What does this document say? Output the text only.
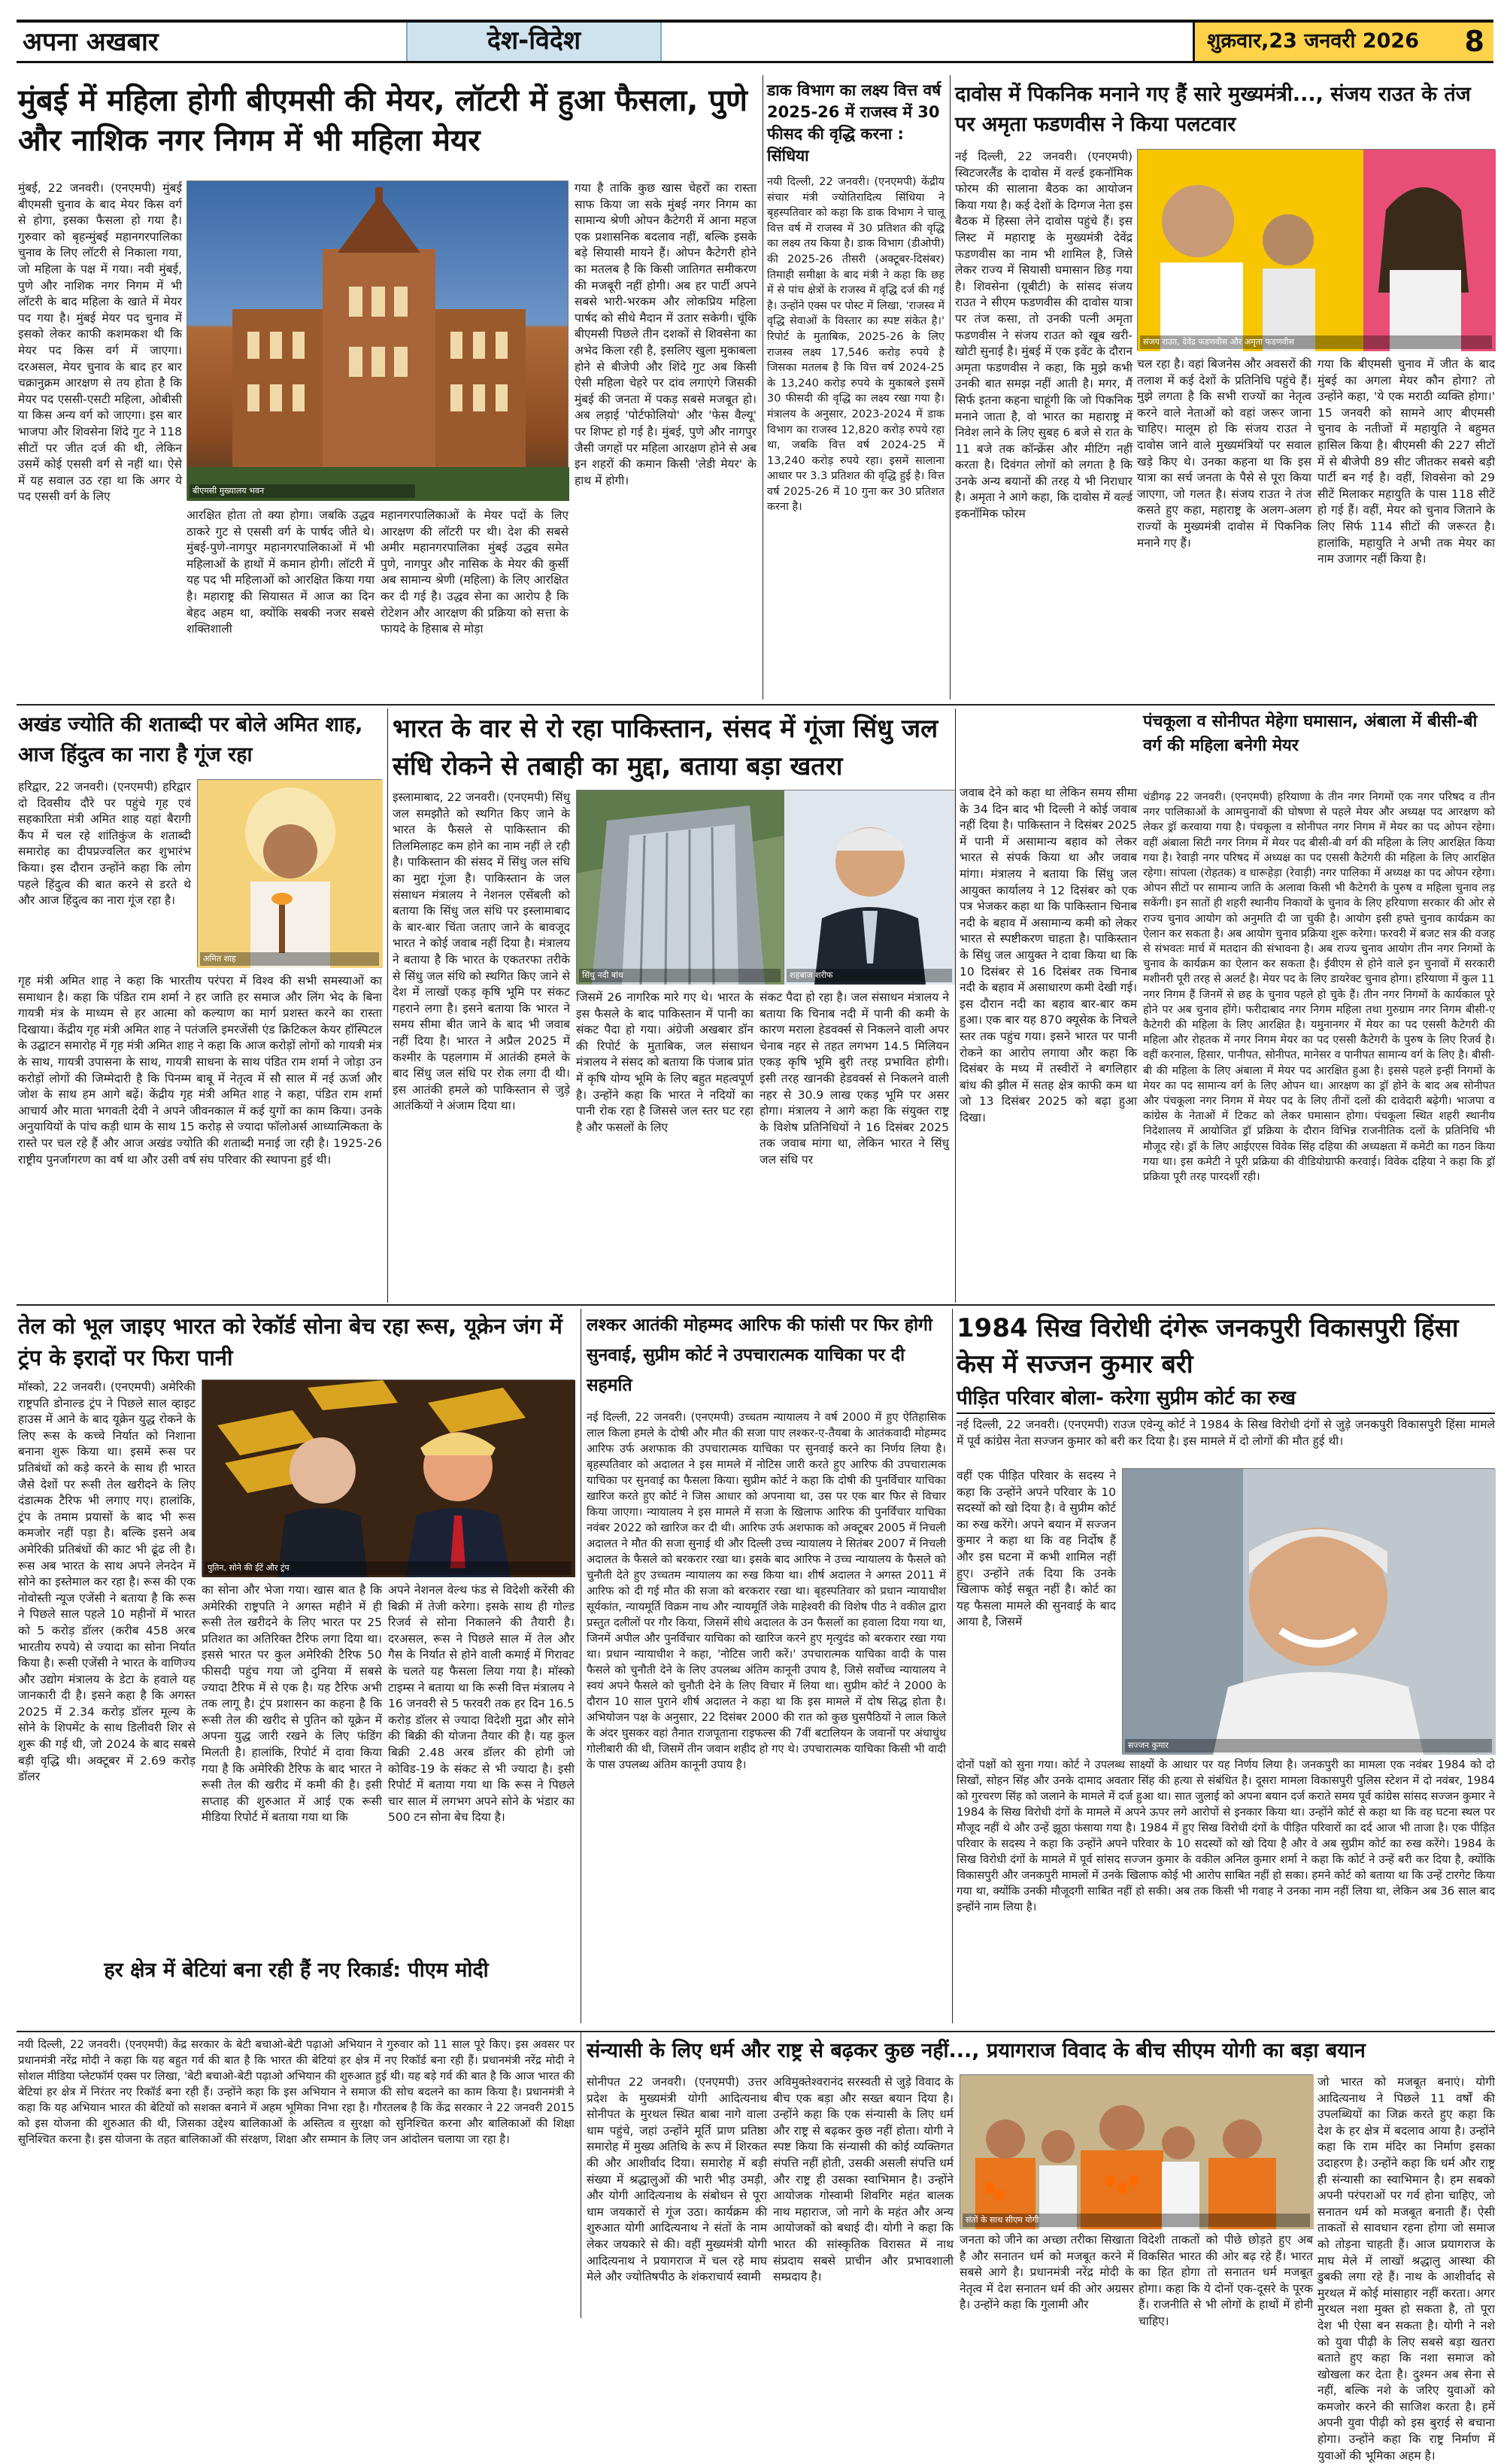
अपना अखबार	देश-विदेश	शुक्रवार,23 जनवरी 2026 8
मुंबई में महिला होगी बीएमसी की मेयर, लॉटरी में हुआ फैसला, पुणे और नाशिक नगर निगम में भी महिला मेयर
मुंबई, 22 जनवरी। (एनएमपी) मुंबई बीएमसी चुनाव के बाद मेयर किस वर्ग से होगा, इसका फैसला हो गया है। गुरुवार को बृहन्मुंबई महानगरपालिका चुनाव के लिए लॉटरी से निकाला गया, जो महिला के पक्ष में गया। नवी मुंबई, पुणे और नाशिक नगर निगम में भी लॉटरी के बाद महिला के खाते में मेयर पद गया है। मुंबई मेयर पद चुनाव में इसको लेकर काफी कशमकश थी कि मेयर पद किस वर्ग में जाएगा। दरअसल, मेयर चुनाव के बाद हर बार चक्रानुक्रम आरक्षण से तय होता है कि मेयर पद एससी-एसटी महिला, ओबीसी या किस अन्य वर्ग को जाएगा। इस बार भाजपा और शिवसेना शिंदे गुट ने 118 सीटों पर जीत दर्ज की थी, लेकिन उसमें कोई एससी वर्ग से नहीं था। ऐसे में यह सवाल उठ रहा था कि अगर ये पद एससी वर्ग के लिए
आरक्षित होता तो क्या होगा। जबकि उद्धव ठाकरे गुट से एससी वर्ग के पार्षद जीते थे। मुंबई-पुणे-नागपुर महानगरपालिकाओं में भी महिलाओं के हाथों में कमान होगी। लॉटरी में यह पद भी महिलाओं को आरक्षित किया गया है। महाराष्ट्र की सियासत में आज का दिन बेहद अहम था, क्योंकि सबकी नजर सबसे शक्तिशाली
महानगरपालिकाओं के मेयर पदों के लिए आरक्षण की लॉटरी पर थी। देश की सबसे अमीर महानगरपालिका मुंबई उद्धव समेत पुणे, नागपुर और नासिक के मेयर की कुर्सी अब सामान्य श्रेणी (महिला) के लिए आरक्षित कर दी गई है। उद्धव सेना का आरोप है कि रोटेशन और आरक्षण की प्रक्रिया को सत्ता के फायदे के हिसाब से मोड़ा
गया है ताकि कुछ खास चेहरों का रास्ता साफ किया जा सके मुंबई नगर निगम का सामान्य श्रेणी ओपन कैटेगरी में आना महज एक प्रशासनिक बदलाव नहीं, बल्कि इसके बड़े सियासी मायने हैं। ओपन कैटेगरी होने का मतलब है कि किसी जातिगत समीकरण की मजबूरी नहीं होगी। अब हर पार्टी अपने सबसे भारी-भरकम और लोकप्रिय महिला पार्षद को सीधे मैदान में उतार सकेगी। चूंकि बीएमसी पिछले तीन दशकों से शिवसेना का अभेद किला रही है, इसलिए खुला मुकाबला होने से बीजेपी और शिंदे गुट अब किसी ऐसी महिला चेहरे पर दांव लगाएंगे जिसकी मुंबई की जनता में पकड़ सबसे मजबूत हो। अब लड़ाई 'पोर्टफोलियो' और 'फेस वैल्यू' पर शिफ्ट हो गई है। मुंबई, पुणे और नागपुर जैसी जगहों पर महिला आरक्षण होने से अब इन शहरों की कमान किसी 'लेडी मेयर' के हाथ में होगी।
डाक विभाग का लक्ष्य वित्त वर्ष 2025-26 में राजस्व में 30 फीसद की वृद्धि करना : सिंधिया
नयी दिल्ली, 22 जनवरी। (एनएमपी) केंद्रीय संचार मंत्री ज्योतिरादित्य सिंधिया ने बृहस्पतिवार को कहा कि डाक विभाग ने चालू वित्त वर्ष में राजस्व में 30 प्रतिशत की वृद्धि का लक्ष्य तय किया है। डाक विभाग (डीओपी) की 2025-26 तीसरी (अक्टूबर-दिसंबर) तिमाही समीक्षा के बाद मंत्री ने कहा कि छह में से पांच क्षेत्रों के राजस्व में वृद्धि दर्ज की गई है। उन्होंने एक्स पर पोस्ट में लिखा, 'राजस्व में वृद्धि सेवाओं के विस्तार का स्पष्ट संकेत है।' रिपोर्ट के मुताबिक, 2025-26 के लिए राजस्व लक्ष्य 17,546 करोड़ रुपये है जिसका मतलब है कि वित्त वर्ष 2024-25 के 13,240 करोड़ रुपये के मुकाबले इसमें 30 फीसदी की वृद्धि का लक्ष्य रखा गया है। मंत्रालय के अनुसार, 2023-2024 में डाक विभाग का राजस्व 12,820 करोड़ रुपये रहा था, जबकि वित्त वर्ष 2024-25 में 13,240 करोड़ रुपये रहा। इसमें सालाना आधार पर 3.3 प्रतिशत की वृद्धि हुई है। वित्त वर्ष 2025-26 में 10 गुना कर 30 प्रतिशत करना है।
दावोस में पिकनिक मनाने गए हैं सारे मुख्यमंत्री..., संजय राउत के तंज पर अमृता फडणवीस ने किया पलटवार
नई दिल्ली, 22 जनवरी। (एनएमपी) स्विटजरलैंड के दावोस में वर्ल्ड इकनॉमिक फोरम की सालाना बैठक का आयोजन किया गया है। कई देशों के दिग्गज नेता इस बैठक में हिस्सा लेने दावोस पहुंचे हैं। इस लिस्ट में महाराष्ट्र के मुख्यमंत्री देवेंद्र फडणवीस का नाम भी शामिल है, जिसे लेकर राज्य में सियासी घमासान छिड़ गया है। शिवसेना (यूबीटी) के सांसद संजय राउत ने सीएम फडणवीस की दावोस यात्रा पर तंज कसा, तो उनकी पत्नी अमृता फडणवीस ने संजय राउत को खूब खरी-खोटी सुनाई है। मुंबई में एक इवेंट के दौरान अमृता फडणवीस ने कहा, कि मुझे कभी उनकी बात समझ नहीं आती है। मगर, मैं सिर्फ इतना कहना चाहूंगी कि जो पिकनिक मनाने जाता है, वो भारत का महाराष्ट्र में निवेश लाने के लिए सुबह 6 बजे से रात के 11 बजे तक कॉन्क्रेंस और मीटिंग नहीं करता है। दिवंगत लोगों को लगता है कि उनके अन्य बयानों की तरह ये भी निराधार है। अमृता ने आगे कहा, कि दावोस में वर्ल्ड इकनॉमिक फोरम
चल रहा है। वहां बिजनेस और अवसरों की तलाश में कई देशों के प्रतिनिधि पहुंचे हैं। मुझे लगता है कि सभी राज्यों का नेतृत्व करने वाले नेताओं को वहां जरूर जाना चाहिए। मालूम हो कि संजय राउत ने दावोस जाने वाले मुख्यमंत्रियों पर सवाल खड़े किए थे। उनका कहना था कि इस यात्रा का सर्च जनता के पैसे से पूरा किया जाएगा, जो गलत है। संजय राउत ने तंज कसते हुए कहा, महाराष्ट्र के अलग-अलग राज्यों के मुख्यमंत्री दावोस में पिकनिक मनाने गए हैं।
गया कि बीएमसी चुनाव में जीत के बाद मुंबई का अगला मेयर कौन होगा? तो उन्होंने कहा, 'ये एक मराठी व्यक्ति होगा।' 15 जनवरी को सामने आए बीएमसी चुनाव के नतीजों में महायुति ने बहुमत हासिल किया है। बीएमसी की 227 सीटों में से बीजेपी 89 सीट जीतकर सबसे बड़ी पार्टी बन गई है। वहीं, शिवसेना को 29 सीटें मिलाकर महायुति के पास 118 सीटें हो गई हैं। वहीं, मेयर को चुनाव जिताने के लिए सिर्फ 114 सीटों की जरूरत है। हालांकि, महायुति ने अभी तक मेयर का नाम उजागर नहीं किया है।
अखंड ज्योति की शताब्दी पर बोले अमित शाह, आज हिंदुत्व का नारा है गूंज रहा
हरिद्वार, 22 जनवरी। (एनएमपी) हरिद्वार दो दिवसीय दौरे पर पहुंचे गृह एवं सहकारिता मंत्री अमित शाह यहां बैरागी कैंप में चल रहे शांतिकुंज के शताब्दी समारोह का दीपप्रज्वलित कर शुभारंभ किया। इस दौरान उन्होंने कहा कि लोग पहले हिंदुत्व की बात करने से डरते थे और आज हिंदुत्व का नारा गूंज रहा है।
गृह मंत्री अमित शाह ने कहा कि भारतीय परंपरा में विश्व की सभी समस्याओं का समाधान है। कहा कि पंडित राम शर्मा ने हर जाति हर समाज और लिंग भेद के बिना गायत्री मंत्र के माध्यम से हर आत्मा को कल्याण का मार्ग प्रशस्त करने का रास्ता दिखाया। केंद्रीय गृह मंत्री अमित शाह ने पतंजलि इमरजेंसी एंड क्रिटिकल केयर हॉस्पिटल के उद्घाटन समारोह में गृह मंत्री अमित शाह ने कहा कि आज करोड़ों लोगों को गायत्री मंत्र के साथ, गायत्री उपासना के साथ, गायत्री साधना के साथ पंडित राम शर्मा ने जोड़ा उन करोड़ों लोगों की जिम्मेदारी है कि पिनम्म बाबू में नेतृत्व में सौ साल में नई ऊर्जा और जोश के साथ हम आगे बढ़ें। केंद्रीय गृह मंत्री अमित शाह ने कहा, पंडित राम शर्मा आचार्य और माता भगवती देवी ने अपने जीवनकाल में कई युगों का काम किया। उनके अनुयायियों के पांच कड़ी धाम के साथ 15 करोड़ से ज्यादा फॉलोअर्स आध्यात्मिकता के रास्ते पर चल रहे हैं और आज अखंड ज्योति की शताब्दी मनाई जा रही है। 1925-26 राष्ट्रीय पुनर्जागरण का वर्ष था और उसी वर्ष संघ परिवार की स्थापना हुई थी।
भारत के वार से रो रहा पाकिस्तान, संसद में गूंजा सिंधु जल संधि रोकने से तबाही का मुद्दा, बताया बड़ा खतरा
इस्लामाबाद, 22 जनवरी। (एनएमपी) सिंधु जल समझौते को स्थगित किए जाने के भारत के फैसले से पाकिस्तान की तिलमिलाहट कम होने का नाम नहीं ले रही है। पाकिस्तान की संसद में सिंधु जल संधि का मुद्दा गूंजा है। पाकिस्तान के जल संसाधन मंत्रालय ने नेशनल एसेंबली को बताया कि सिंधु जल संधि पर इस्लामाबाद के बार-बार चिंता जताए जाने के बावजूद भारत ने कोई जवाब नहीं दिया है। मंत्रालय ने बताया है कि भारत के एकतरफा तरीके से सिंधु जल संधि को स्थगित किए जाने से देश में लाखों एकड़ कृषि भूमि पर संकट गहराने लगा है। इसने बताया कि भारत ने समय सीमा बीत जाने के बाद भी जवाब नहीं दिया है। भारत ने अप्रैल 2025 में कश्मीर के पहलगाम में आतंकी हमले के बाद सिंधु जल संधि पर रोक लगा दी थी। इस आतंकी हमले को पाकिस्तान से जुड़े आतंकियों ने अंजाम दिया था।
जिसमें 26 नागरिक मारे गए थे। भारत के इस फैसले के बाद पाकिस्तान में पानी का संकट पैदा हो गया। अंग्रेजी अखबार डॉन की रिपोर्ट के मुताबिक, जल संसाधन मंत्रालय ने संसद को बताया कि पंजाब प्रांत में कृषि योग्य भूमि के लिए बहुत महत्वपूर्ण है। उन्होंने कहा कि भारत ने नदियों का पानी रोक रहा है जिससे जल स्तर घट रहा है और फसलों के लिए
संकट पैदा हो रहा है। जल संसाधन मंत्रालय ने बताया कि चिनाब नदी में पानी की कमी के कारण मराला हेडवर्क्स से निकलने वाली अपर चेनाब नहर से तहत लगभग 14.5 मिलियन एकड़ कृषि भूमि बुरी तरह प्रभावित होगी। इसी तरह खानकी हेडवर्क्स से निकलने वाली नहर से 30.9 लाख एकड़ भूमि पर असर होगा। मंत्रालय ने आगे कहा कि संयुक्त राष्ट्र के विशेष प्रतिनिधियों ने 16 दिसंबर 2025 तक जवाब मांगा था, लेकिन भारत ने सिंधु जल संधि पर
जवाब देने को कहा था लेकिन समय सीमा के 34 दिन बाद भी दिल्ली ने कोई जवाब नहीं दिया है। पाकिस्तान ने दिसंबर 2025 में पानी में असामान्य बहाव को लेकर भारत से संपर्क किया था और जवाब मांगा। मंत्रालय ने बताया कि सिंधु जल आयुक्त कार्यालय ने 12 दिसंबर को एक पत्र भेजकर कहा था कि पाकिस्तान चिनाब नदी के बहाव में असामान्य कमी को लेकर भारत से स्पष्टीकरण चाहता है। पाकिस्तान के सिंधु जल आयुक्त ने दावा किया था कि 10 दिसंबर से 16 दिसंबर तक चिनाब नदी के बहाव में असाधारण कमी देखी गई। इस दौरान नदी का बहाव बार-बार कम हुआ। एक बार यह 870 क्यूसेक के निचले स्तर तक पहुंच गया। इसने भारत पर पानी रोकने का आरोप लगाया और कहा कि दिसंबर के मध्य में तस्वीरों ने बगलिहार बांध की झील में सतह क्षेत्र काफी कम था जो 13 दिसंबर 2025 को बढ़ा हुआ दिखा।
पंचकूला व सोनीपत मेहेगा घमासान, अंबाला में बीसी-बी वर्ग की महिला बनेगी मेयर
चंडीगढ़ 22 जनवरी। (एनएमपी) हरियाणा के तीन नगर निगमों एक नगर परिषद व तीन नगर पालिकाओं के आमचुनावों की घोषणा से पहले मेयर और अध्यक्ष पद आरक्षण को लेकर ड्रॉ करवाया गया है। पंचकूला व सोनीपत नगर निगम में मेयर का पद ओपन रहेगा। वहीं अंबाला सिटी नगर निगम में मेयर पद बीसी-बी वर्ग की महिला के लिए आरक्षित किया गया है। रेवाड़ी नगर परिषद में अध्यक्ष का पद एससी कैटेगरी की महिला के लिए आरक्षित रहेगा। सांपला (रोहतक) व धारूहेड़ा (रेवाड़ी) नगर पालिका में अध्यक्ष का पद ओपन रहेगा। ओपन सीटों पर सामान्य जाति के अलावा किसी भी कैटेगरी के पुरुष व महिला चुनाव लड़ सकेंगी। इन सातों ही शहरी स्थानीय निकायों के चुनाव के लिए हरियाणा सरकार की ओर से राज्य चुनाव आयोग को अनुमति दी जा चुकी है। आयोग इसी हफ्ते चुनाव कार्यक्रम का ऐलान कर सकता है। अब आयोग चुनाव प्रक्रिया शुरू करेगा। फरवरी में बजट सत्र की वजह से संभवतः मार्च में मतदान की संभावना है। अब राज्य चुनाव आयोग तीन नगर निगमों के चुनाव के कार्यक्रम का ऐलान कर सकता है। ईवीएम से होने वाले इन चुनावों में सरकारी मशीनरी पूरी तरह से अलर्ट है। मेयर पद के लिए डायरेक्ट चुनाव होगा। हरियाणा में कुल 11 नगर निगम हैं जिनमें से छह के चुनाव पहले हो चुके हैं। तीन नगर निगमों के कार्यकाल पूरे होने पर अब चुनाव होंगे। फरीदाबाद नगर निगम महिला तथा गुरुग्राम नगर निगम बीसी-ए कैटेगरी की महिला के लिए आरक्षित है। यमुनानगर में मेयर का पद एससी कैटेगरी की महिला और रोहतक में नगर निगम मेयर का पद एससी कैटेगरी के पुरुष के लिए रिजर्व है। वहीं करनाल, हिसार, पानीपत, सोनीपत, मानेसर व पानीपत सामान्य वर्ग के लिए है। बीसी-बी की महिला के लिए अंबाला में मेयर पद आरक्षित हुआ है। इससे पहले इन्हीं निगमों के मेयर का पद सामान्य वर्ग के लिए ओपन था। आरक्षण का ड्रॉ होने के बाद अब सोनीपत और पंचकूला नगर निगम में मेयर पद के लिए तीनों दलों की दावेदारी बढ़ेगी। भाजपा व कांग्रेस के नेताओं में टिकट को लेकर घमासान होगा। पंचकूला स्थित शहरी स्थानीय निदेशालय में आयोजित ड्रॉ प्रक्रिया के दौरान विभिन्न राजनीतिक दलों के प्रतिनिधि भी मौजूद रहे। ड्रॉ के लिए आईएएस विवेक सिंह दहिया की अध्यक्षता में कमेटी का गठन किया गया था। इस कमेटी ने पूरी प्रक्रिया की वीडियोग्राफी करवाई। विवेक दहिया ने कहा कि ड्रॉ प्रक्रिया पूरी तरह पारदर्शी रही।
तेल को भूल जाइए भारत को रेकॉर्ड सोना बेच रहा रूस, यूक्रेन जंग में ट्रंप के इरादों पर फिरा पानी
मॉस्को, 22 जनवरी। (एनएमपी) अमेरिकी राष्ट्रपति डोनाल्ड ट्रंप ने पिछले साल व्हाइट हाउस में आने के बाद यूक्रेन युद्ध रोकने के लिए रूस के कच्चे निर्यात को निशाना बनाना शुरू किया था। इसमें रूस पर प्रतिबंधों को कड़े करने के साथ ही भारत जैसे देशों पर रूसी तेल खरीदने के लिए दंडात्मक टैरिफ भी लगाए गए। हालांकि, ट्रंप के तमाम प्रयासों के बाद भी रूस कमजोर नहीं पड़ा है। बल्कि इसने अब अमेरिकी प्रतिबंधों की काट भी ढूंढ ली है। रूस अब भारत के साथ अपने लेनदेन में सोने का इस्तेमाल कर रहा है। रूस की एक नोवोस्ती न्यूज एजेंसी ने बताया है कि रूस ने पिछले साल पहले 10 महीनों में भारत को 5 करोड़ डॉलर (करीब 458 अरब भारतीय रुपये) से ज्यादा का सोना निर्यात किया है। रूसी एजेंसी ने भारत के वाणिज्य और उद्योग मंत्रालय के डेटा के हवाले यह जानकारी दी है। इसने कहा है कि अगस्त 2025 में 2.34 करोड़ डॉलर मूल्य के सोने के शिपमेंट के साथ डिलीवरी शिर से शुरू की गई थी, जो 2024 के बाद सबसे बड़ी वृद्धि थी। अक्टूबर में 2.69 करोड़ डॉलर
का सोना और भेजा गया। खास बात है कि अमेरिकी राष्ट्रपति ने अगस्त महीने में ही रूसी तेल खरीदने के लिए भारत पर 25 प्रतिशत का अतिरिक्त टैरिफ लगा दिया था। इससे भारत पर कुल अमेरिकी टैरिफ 50 फीसदी पहुंच गया जो दुनिया में सबसे ज्यादा टैरिफ में से एक है। यह टैरिफ अभी तक लागू है। ट्रंप प्रशासन का कहना है कि रूसी तेल की खरीद से पुतिन को यूक्रेन में अपना युद्ध जारी रखने के लिए फंडिंग मिलती है। हालांकि, रिपोर्ट में दावा किया गया है कि अमेरिकी टैरिफ के बाद भारत ने रूसी तेल की खरीद में कमी की है। इसी सप्ताह की शुरुआत में आई एक रूसी मीडिया रिपोर्ट में बताया गया था कि
अपने नेशनल वेल्थ फंड से विदेशी करेंसी की बिक्री में तेजी करेगा। इसके साथ ही गोल्ड रिजर्व से सोना निकालने की तैयारी है। दरअसल, रूस ने पिछले साल में तेल और गैस के निर्यात से होने वाली कमाई में गिरावट के चलते यह फैसला लिया गया है। मॉस्को टाइम्स ने बताया था कि रूसी वित्त मंत्रालय ने 16 जनवरी से 5 फरवरी तक हर दिन 16.5 करोड़ डॉलर से ज्यादा विदेशी मुद्रा और सोने की बिक्री की योजना तैयार की है। यह कुल बिक्री 2.48 अरब डॉलर की होगी जो कोविड-19 के संकट से भी ज्यादा है। इसी रिपोर्ट में बताया गया था कि रूस ने पिछले चार साल में लगभग अपने सोने के भंडार का 500 टन सोना बेच दिया है।
लश्कर आतंकी मोहम्मद आरिफ की फांसी पर फिर होगी सुनवाई, सुप्रीम कोर्ट ने उपचारात्मक याचिका पर दी सहमति
नई दिल्ली, 22 जनवरी। (एनएमपी) उच्चतम न्यायालय ने वर्ष 2000 में हुए ऐतिहासिक लाल किला हमले के दोषी और मौत की सजा पाए लश्कर-ए-तैयबा के आतंकवादी मोहम्मद आरिफ उर्फ अशफाक की उपचारात्मक याचिका पर सुनवाई करने का निर्णय लिया है। बृहस्पतिवार को अदालत ने इस मामले में नोटिस जारी करते हुए आरिफ की उपचारात्मक याचिका पर सुनवाई का फैसला किया। सुप्रीम कोर्ट ने कहा कि दोषी की पुनर्विचार याचिका खारिज करते हुए कोर्ट ने जिस आधार को अपनाया था, उस पर एक बार फिर से विचार किया जाएगा। न्यायालय ने इस मामले में सजा के खिलाफ आरिफ की पुनर्विचार याचिका नवंबर 2022 को खारिज कर दी थी। आरिफ उर्फ अशफाक को अक्टूबर 2005 में निचली अदालत ने मौत की सजा सुनाई थी और दिल्ली उच्च न्यायालय ने सितंबर 2007 में निचली अदालत के फैसले को बरकरार रखा था। इसके बाद आरिफ ने उच्च न्यायालय के फैसले को चुनौती देते हुए उच्चतम न्यायालय का रुख किया था। शीर्ष अदालत ने अगस्त 2011 में आरिफ को दी गई मौत की सजा को बरकरार रखा था। बृहस्पतिवार को प्रधान न्यायाधीश सूर्यकांत, न्यायमूर्ति विक्रम नाथ और न्यायमूर्ति जेके माहेश्वरी की विशेष पीठ ने वकील द्वारा प्रस्तुत दलीलों पर गौर किया, जिसमें सीधे अदालत के उन फैसलों का हवाला दिया गया था, जिनमें अपील और पुनर्विचार याचिका को खारिज करने हुए मृत्युदंड को बरकरार रखा गया था। प्रधान न्यायाधीश ने कहा, 'नोटिस जारी करें।' उपचारात्मक याचिका वादी के पास फैसले को चुनौती देने के लिए उपलब्ध अंतिम कानूनी उपाय है, जिसे सर्वोच्च न्यायालय ने स्वयं अपने फैसले को चुनौती देने के लिए विचार में लिया था। सुप्रीम कोर्ट ने 2000 के दौरान 10 साल पुराने शीर्ष अदालत ने कहा था कि इस मामले में दोष सिद्ध होता है। अभियोजन पक्ष के अनुसार, 22 दिसंबर 2000 की रात को कुछ घुसपैठियों ने लाल किले के अंदर घुसकर वहां तैनात राजपूताना राइफल्स की 7वीं बटालियन के जवानों पर अंधाधुंध गोलीबारी की थी, जिसमें तीन जवान शहीद हो गए थे। उपचारात्मक याचिका किसी भी वादी के पास उपलब्ध अंतिम कानूनी उपाय है।
1984 सिख विरोधी दंगेरू जनकपुरी विकासपुरी हिंसा केस में सज्जन कुमार बरी
पीड़ित परिवार बोला- करेगा सुप्रीम कोर्ट का रुख
नई दिल्ली, 22 जनवरी। (एनएमपी) राउज एवेन्यू कोर्ट ने 1984 के सिख विरोधी दंगों से जुड़े जनकपुरी विकासपुरी हिंसा मामले में पूर्व कांग्रेस नेता सज्जन कुमार को बरी कर दिया है। इस मामले में दो लोगों की मौत हुई थी।
वहीं एक पीड़ित परिवार के सदस्य ने कहा कि उन्होंने अपने परिवार के 10 सदस्यों को खो दिया है। वे सुप्रीम कोर्ट का रुख करेंगे। अपने बयान में सज्जन कुमार ने कहा था कि वह निर्दोष हैं और इस घटना में कभी शामिल नहीं हुए। उन्होंने तर्क दिया कि उनके खिलाफ कोई सबूत नहीं है। कोर्ट का यह फैसला मामले की सुनवाई के बाद आया है, जिसमें
दोनों पक्षों को सुना गया। कोर्ट ने उपलब्ध साक्ष्यों के आधार पर यह निर्णय लिया है। जनकपुरी का मामला एक नवंबर 1984 को दो सिखों, सोहन सिंह और उनके दामाद अवतार सिंह की हत्या से संबंधित है। दूसरा मामला विकासपुरी पुलिस स्टेशन में दो नवंबर, 1984 को गुरचरण सिंह को जलाने के मामले में दर्ज हुआ था। सात जुलाई को अपना बयान दर्ज कराते समय पूर्व कांग्रेस सांसद सज्जन कुमार ने 1984 के सिख विरोधी दंगों के मामले में अपने ऊपर लगे आरोपों से इनकार किया था। उन्होंने कोर्ट से कहा था कि वह घटना स्थल पर मौजूद नहीं थे और उन्हें झूठा फंसाया गया है। 1984 में हुए सिख विरोधी दंगों के पीड़ित परिवारों का दर्द आज भी ताजा है। एक पीड़ित परिवार के सदस्य ने कहा कि उन्होंने अपने परिवार के 10 सदस्यों को खो दिया है और वे अब सुप्रीम कोर्ट का रुख करेंगे। 1984 के सिख विरोधी दंगों के मामले में पूर्व सांसद सज्जन कुमार के वकील अनिल कुमार शर्मा ने कहा कि कोर्ट ने उन्हें बरी कर दिया है, क्योंकि विकासपुरी और जनकपुरी मामलों में उनके खिलाफ कोई भी आरोप साबित नहीं हो सका। हमने कोर्ट को बताया था कि उन्हें टारगेट किया गया था, क्योंकि उनकी मौजूदगी साबित नहीं हो सकी। अब तक किसी भी गवाह ने उनका नाम नहीं लिया था, लेकिन अब 36 साल बाद इन्होंने नाम लिया है।
हर क्षेत्र में बेटियां बना रही हैं नए रिकार्ड: पीएम मोदी
नयी दिल्ली, 22 जनवरी। (एनएमपी) केंद्र सरकार के बेटी बचाओ-बेटी पढ़ाओ अभियान ने गुरुवार को 11 साल पूरे किए। इस अवसर पर प्रधानमंत्री नरेंद्र मोदी ने कहा कि यह बहुत गर्व की बात है कि भारत की बेटियां हर क्षेत्र में नए रिकॉर्ड बना रही हैं। प्रधानमंत्री नरेंद्र मोदी ने सोशल मीडिया प्लेटफॉर्म एक्स पर लिखा, 'बेटी बचाओ-बेटी पढ़ाओ अभियान की शुरुआत हुई थी। यह बड़े गर्व की बात है कि आज भारत की बेटियां हर क्षेत्र में निरंतर नए रिकॉर्ड बना रही हैं। उन्होंने कहा कि इस अभियान ने समाज की सोच बदलने का काम किया है। प्रधानमंत्री ने कहा कि यह अभियान भारत की बेटियों को सशक्त बनाने में अहम भूमिका निभा रहा है। गौरतलब है कि केंद्र सरकार ने 22 जनवरी 2015 को इस योजना की शुरुआत की थी, जिसका उद्देश्य बालिकाओं के अस्तित्व व सुरक्षा को सुनिश्चित करना और बालिकाओं की शिक्षा सुनिश्चित करना है। इस योजना के तहत बालिकाओं की संरक्षण, शिक्षा और सम्मान के लिए जन आंदोलन चलाया जा रहा है।
संन्यासी के लिए धर्म और राष्ट्र से बढ़कर कुछ नहीं..., प्रयागराज विवाद के बीच सीएम योगी का बड़ा बयान
सोनीपत 22 जनवरी। (एनएमपी) उत्तर प्रदेश के मुख्यमंत्री योगी आदित्यनाथ सोनीपत के मुरथल स्थित बाबा नागे वाला धाम पहुंचे, जहां उन्होंने मूर्ति प्राण प्रतिष्ठा समारोह में मुख्य अतिथि के रूप में शिरकत की और आशीर्वाद दिया। समारोह में बड़ी संख्या में श्रद्धालुओं की भारी भीड़ उमड़ी, और योगी आदित्यनाथ के संबोधन से पूरा धाम जयकारों से गूंज उठा। कार्यक्रम की शुरुआत योगी आदित्यनाथ ने संतों के नाम लेकर जयकारे से की। वहीं मुख्यमंत्री योगी आदित्यनाथ ने प्रयागराज में चल रहे माघ मेले और ज्योतिषपीठ के शंकराचार्य स्वामी
अविमुक्तेश्वरानंद सरस्वती से जुड़े विवाद के बीच एक बड़ा और सख्त बयान दिया है। उन्होंने कहा कि एक संन्यासी के लिए धर्म और राष्ट्र से बढ़कर कुछ नहीं होता। योगी ने स्पष्ट किया कि संन्यासी की कोई व्यक्तिगत संपत्ति नहीं होती, उसकी असली संपत्ति धर्म और राष्ट्र ही उसका स्वाभिमान है। उन्होंने आयोजक गोस्वामी शिवगिर महंत बालक नाथ महाराज, जो नागे के महंत और अन्य आयोजकों को बधाई दी। योगी ने कहा कि भारत की सांस्कृतिक विरासत में नाथ संप्रदाय सबसे प्राचीन और प्रभावशाली सम्प्रदाय है।
जनता को जीने का अच्छा तरीका सिखाता है और सनातन धर्म को मजबूत करने में सबसे आगे है। प्रधानमंत्री नरेंद्र मोदी के नेतृत्व में देश सनातन धर्म की ओर अग्रसर है। उन्होंने कहा कि गुलामी और
विदेशी ताकतों को पीछे छोड़ते हुए अब विकसित भारत की ओर बढ़ रहे हैं। भारत का हित होगा तो सनातन धर्म मजबूत होगा। कहा कि ये दोनों एक-दूसरे के पूरक हैं। राजनीति से भी लोगों के हाथों में होनी चाहिए।
जो भारत को मजबूत बनाएं। योगी आदित्यनाथ ने पिछले 11 वर्षों की उपलब्धियों का जिक्र करते हुए कहा कि देश के हर क्षेत्र में बदलाव आया है। उन्होंने कहा कि राम मंदिर का निर्माण इसका उदाहरण है। उन्होंने कहा कि धर्म और राष्ट्र ही संन्यासी का स्वाभिमान है। हम सबको अपनी परंपराओं पर गर्व होना चाहिए, जो सनातन धर्म को मजबूत बनाती हैं। ऐसी ताकतों से सावधान रहना होगा जो समाज को तोड़ना चाहती हैं। आज प्रयागराज के माघ मेले में लाखों श्रद्धालु आस्था की डुबकी लगा रहे हैं। नाथ के आशीर्वाद से मुरथल में कोई मांसाहार नहीं करता। अगर मुरथल नशा मुक्त हो सकता है, तो पूरा देश भी ऐसा बन सकता है। योगी ने नशे को युवा पीढ़ी के लिए सबसे बड़ा खतरा बताते हुए कहा कि नशा समाज को खोखला कर देता है। दुश्मन अब सेना से नहीं, बल्कि नशे के जरिए युवाओं को कमजोर करने की साजिश करता है। हमें अपनी युवा पीढ़ी को इस बुराई से बचाना होगा। उन्होंने कहा कि राष्ट्र निर्माण में युवाओं की भूमिका अहम है।
बीएमसी मुख्यालय भवन
संजय राउत, देवेंद्र फडणवीस और अमृता फडणवीस
अमित शाह
सिंधु नदी बांध	शहबाज शरीफ
पुतिन, सोने की ईंटें और ट्रंप
सज्जन कुमार
संतों के साथ सीएम योगी
